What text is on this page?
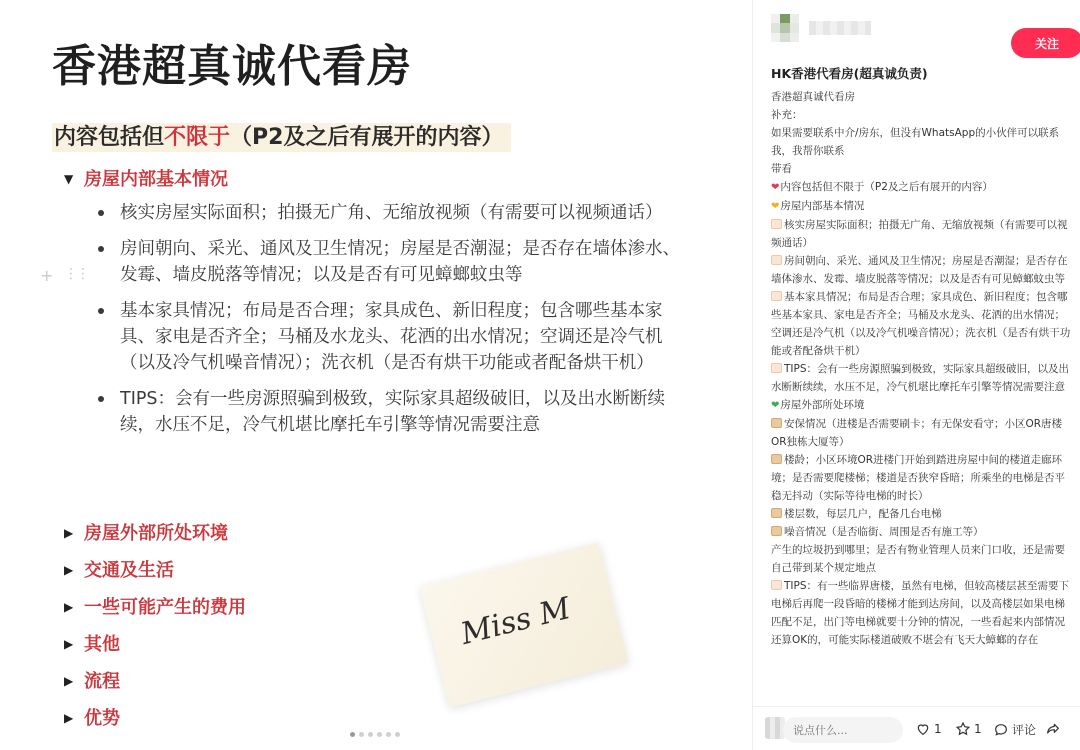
香港超真诚代看房
内容包括但不限于（P2及之后有展开的内容）
▼ 房屋内部基本情况
+ ⋮⋮
核实房屋实际面积；拍摄无广角、无缩放视频（有需要可以视频通话）
房间朝向、采光、通风及卫生情况；房屋是否潮湿；是否存在墙体渗水、发霉、墙皮脱落等情况；以及是否有可见蟑螂蚊虫等
基本家具情况；布局是否合理；家具成色、新旧程度；包含哪些基本家具、家电是否齐全；马桶及水龙头、花洒的出水情况；空调还是冷气机（以及冷气机噪音情况）；洗衣机（是否有烘干功能或者配备烘干机）
TIPS：会有一些房源照骗到极致，实际家具超级破旧，以及出水断断续续，水压不足，冷气机堪比摩托车引擎等情况需要注意
▶ 房屋外部所处环境
▶ 交通及生活
▶ 一些可能产生的费用
▶ 其他
▶ 流程
▶ 优势
Miss M
关注
HK香港代看房(超真诚负责)

香港超真诚代看房

补充：

如果需要联系中介/房东，但没有WhatsApp的小伙伴可以联系我，我帮你联系

带看

❤内容包括但不限于（P2及之后有展开的内容）

❤房屋内部基本情况

核实房屋实际面积；拍摄无广角、无缩放视频（有需要可以视频通话）

房间朝向、采光、通风及卫生情况；房屋是否潮湿；是否存在墙体渗水、发霉、墙皮脱落等情况；以及是否有可见蟑螂蚊虫等

基本家具情况；布局是否合理；家具成色、新旧程度；包含哪些基本家具、家电是否齐全；马桶及水龙头、花洒的出水情况；空调还是冷气机（以及冷气机噪音情况）；洗衣机（是否有烘干功能或者配备烘干机）

TIPS：会有一些房源照骗到极致，实际家具超级破旧，以及出水断断续续，水压不足，冷气机堪比摩托车引擎等情况需要注意

❤房屋外部所处环境

安保情况（进楼是否需要刷卡；有无保安看守；小区OR唐楼OR独栋大厦等）

楼龄；小区环境OR进楼门开始到踏进房屋中间的楼道走廊环境；是否需要爬楼梯；楼道是否狭窄昏暗；所乘坐的电梯是否平稳无抖动（实际等待电梯的时长）

楼层数，每层几户，配备几台电梯

噪音情况（是否临街、周围是否有施工等）

产生的垃圾扔到哪里；是否有物业管理人员来门口收，还是需要自己带到某个规定地点

TIPS：有一些临界唐楼，虽然有电梯，但较高楼层甚至需要下电梯后再爬一段昏暗的楼梯才能到达房间，以及高楼层如果电梯匹配不足，出门等电梯就要十分钟的情况，一些看起来内部情况还算OK的，可能实际楼道破败不堪会有飞天大蟑螂的存在

说点什么...
1	1	评论
